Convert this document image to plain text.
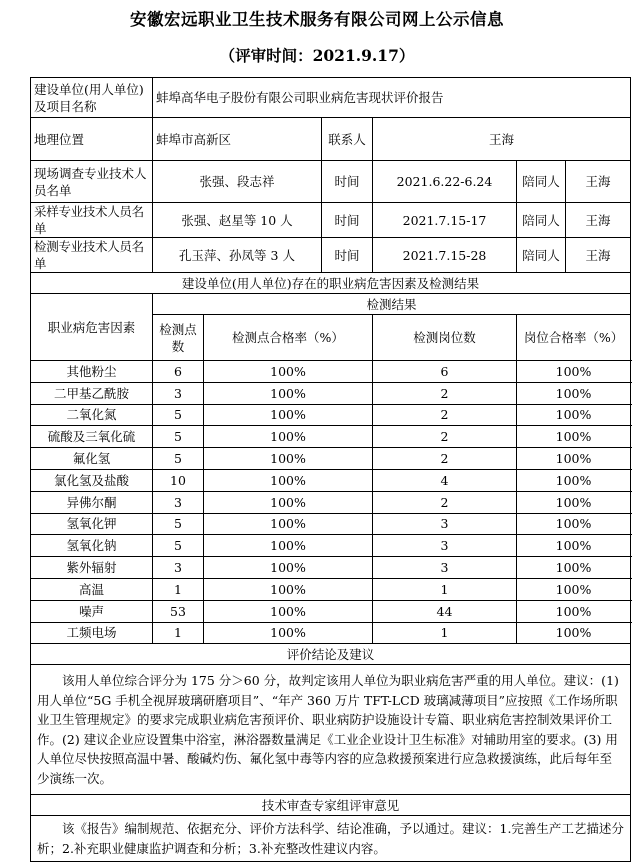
安徽宏远职业卫生技术服务有限公司网上公示信息
（评审时间：2021.9.17）
建设单位(用人单位)及项目名称	蚌埠高华电子股份有限公司职业病危害现状评价报告					
地理位置	蚌埠市高新区		联系人	王海		
现场调查专业技术人员名单	张强、段志祥		时间	2021.6.22-6.24	陪同人	王海
采样专业技术人员名单	张强、赵星等 10 人		时间	2021.7.15-17	陪同人	王海
检测专业技术人员名单	孔玉萍、孙凤等 3 人		时间	2021.7.15-28	陪同人	王海
建设单位(用人单位)存在的职业病危害因素及检测结果						
职业病危害因素	检测结果					
	检测点数	检测点合格率（%）		检测岗位数	岗位合格率（%）	
其他粉尘	6	100%		6	100%	
二甲基乙酰胺	3	100%		2	100%	
二氧化氮	5	100%		2	100%	
硫酸及三氧化硫	5	100%		2	100%	
氟化氢	5	100%		2	100%	
氯化氢及盐酸	10	100%		4	100%	
异佛尔酮	3	100%		2	100%	
氢氧化钾	5	100%		3	100%	
氢氧化钠	5	100%		3	100%	
紫外辐射	3	100%		3	100%	
高温	1	100%		1	100%	
噪声	53	100%		44	100%	
工频电场	1	100%		1	100%	
评价结论及建议						
该用人单位综合评分为 175 分＞60 分，故判定该用人单位为职业病危害严重的用人单位。建议：(1) 用人单位“5G 手机全视屏玻璃研磨项目”、“年产 360 万片 TFT-LCD 玻璃减薄项目”应按照《工作场所职业卫生管理规定》的要求完成职业病危害预评价、职业病防护设施设计专篇、职业病危害控制效果评价工作。(2) 建议企业应设置集中浴室，淋浴器数量满足《工业企业设计卫生标准》对辅助用室的要求。(3) 用人单位尽快按照高温中暑、酸碱灼伤、氟化氢中毒等内容的应急救援预案进行应急救援演练，此后每年至少演练一次。						
技术审查专家组评审意见						
该《报告》编制规范、依据充分、评价方法科学、结论准确，予以通过。建议：1.完善生产工艺描述分析；2.补充职业健康监护调查和分析；3.补充整改性建议内容。						
